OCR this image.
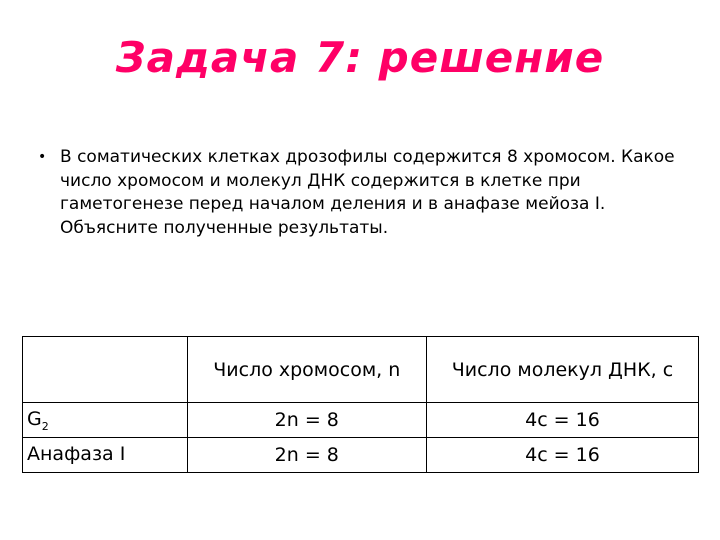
Задача 7: решение
• В соматических клетках дрозофилы содержится 8 хромосом. Какое число хромосом и молекул ДНК содержится в клетке при гаметогенезе перед началом деления и в анафазе мейоза I. Объясните полученные результаты.
	Число хромосом, n	Число молекул ДНК, с
$G_2$	2n = 8	4с = 16
Анафаза I	2n = 8	4с = 16
